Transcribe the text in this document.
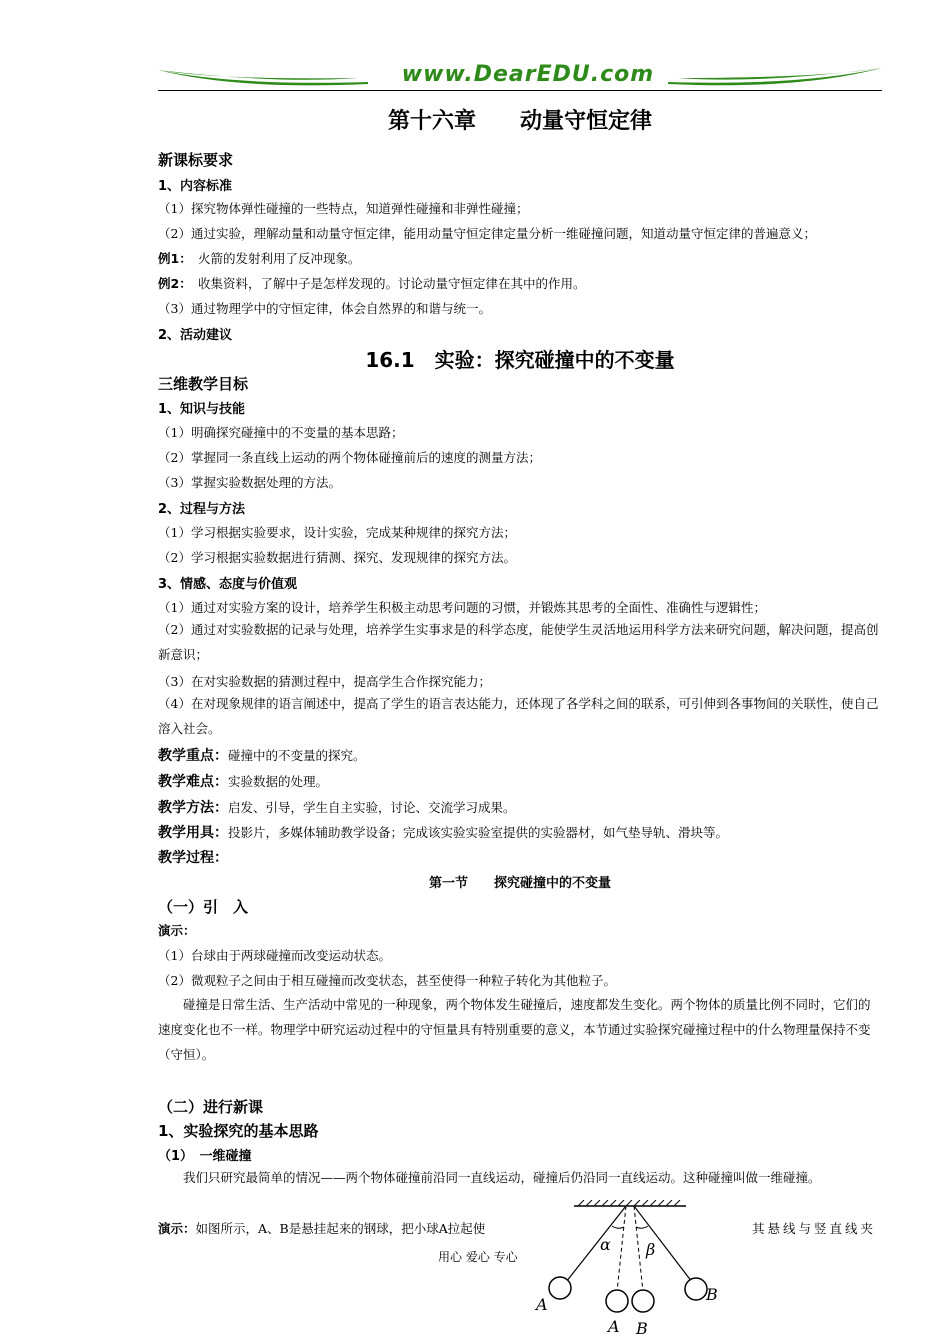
www.DearEDU.com
第十六章　　动量守恒定律
新课标要求
1、内容标准
（1）探究物体弹性碰撞的一些特点，知道弹性碰撞和非弹性碰撞；
（2）通过实验，理解动量和动量守恒定律，能用动量守恒定律定量分析一维碰撞问题，知道动量守恒定律的普遍意义；
例1：　火箭的发射利用了反冲现象。
例2：　收集资料，了解中子是怎样发现的。讨论动量守恒定律在其中的作用。
（3）通过物理学中的守恒定律，体会自然界的和谐与统一。
2、活动建议
16.1　实验：探究碰撞中的不变量
三维教学目标
1、知识与技能
（1）明确探究碰撞中的不变量的基本思路；
（2）掌握同一条直线上运动的两个物体碰撞前后的速度的测量方法；
（3）掌握实验数据处理的方法。
2、过程与方法
（1）学习根据实验要求，设计实验，完成某种规律的探究方法；
（2）学习根据实验数据进行猜测、探究、发现规律的探究方法。
3、情感、态度与价值观
（1）通过对实验方案的设计，培养学生积极主动思考问题的习惯，并锻炼其思考的全面性、准确性与逻辑性；
（2）通过对实验数据的记录与处理，培养学生实事求是的科学态度，能使学生灵活地运用科学方法来研究问题，解决问题，提高创新意识；
（3）在对实验数据的猜测过程中，提高学生合作探究能力；
（4）在对现象规律的语言阐述中，提高了学生的语言表达能力，还体现了各学科之间的联系，可引伸到各事物间的关联性，使自己溶入社会。
教学重点：碰撞中的不变量的探究。
教学难点：实验数据的处理。
教学方法：启发、引导，学生自主实验，讨论、交流学习成果。
教学用具：投影片，多媒体辅助教学设备；完成该实验实验室提供的实验器材，如气垫导轨、滑块等。
教学过程：
第一节　　探究碰撞中的不变量
（一）引　入
演示：
（1）台球由于两球碰撞而改变运动状态。
（2）微观粒子之间由于相互碰撞而改变状态，甚至使得一种粒子转化为其他粒子。
碰撞是日常生活、生产活动中常见的一种现象，两个物体发生碰撞后，速度都发生变化。两个物体的质量比例不同时，它们的速度变化也不一样。物理学中研究运动过程中的守恒量具有特别重要的意义，本节通过实验探究碰撞过程中的什么物理量保持不变（守恒）。
（二）进行新课
1、实验探究的基本思路
（1）　一维碰撞
我们只研究最简单的情况——两个物体碰撞前沿同一直线运动，碰撞后仍沿同一直线运动。这种碰撞叫做一维碰撞。
演示：如图所示，A、B是悬挂起来的钢球，把小球A拉起使	其悬线与竖直线夹
用心 爱心 专心
α β
A
B
A B
